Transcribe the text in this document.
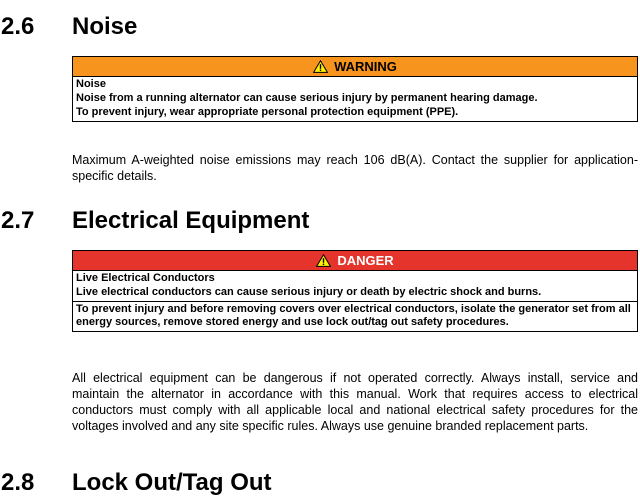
2.6 Noise
WARNING
Noise
Noise from a running alternator can cause serious injury by permanent hearing damage.
To prevent injury, wear appropriate personal protection equipment (PPE).

Maximum A-weighted noise emissions may reach 106 dB(A). Contact the supplier for application-specific details.

2.7 Electrical Equipment
DANGER
Live Electrical Conductors
Live electrical conductors can cause serious injury or death by electric shock and burns.
To prevent injury and before removing covers over electrical conductors, isolate the generator set from all energy sources, remove stored energy and use lock out/tag out safety procedures.

All electrical equipment can be dangerous if not operated correctly. Always install, service and maintain the alternator in accordance with this manual. Work that requires access to electrical conductors must comply with all applicable local and national electrical safety procedures for the voltages involved and any site specific rules. Always use genuine branded replacement parts.

2.8 Lock Out/Tag Out
